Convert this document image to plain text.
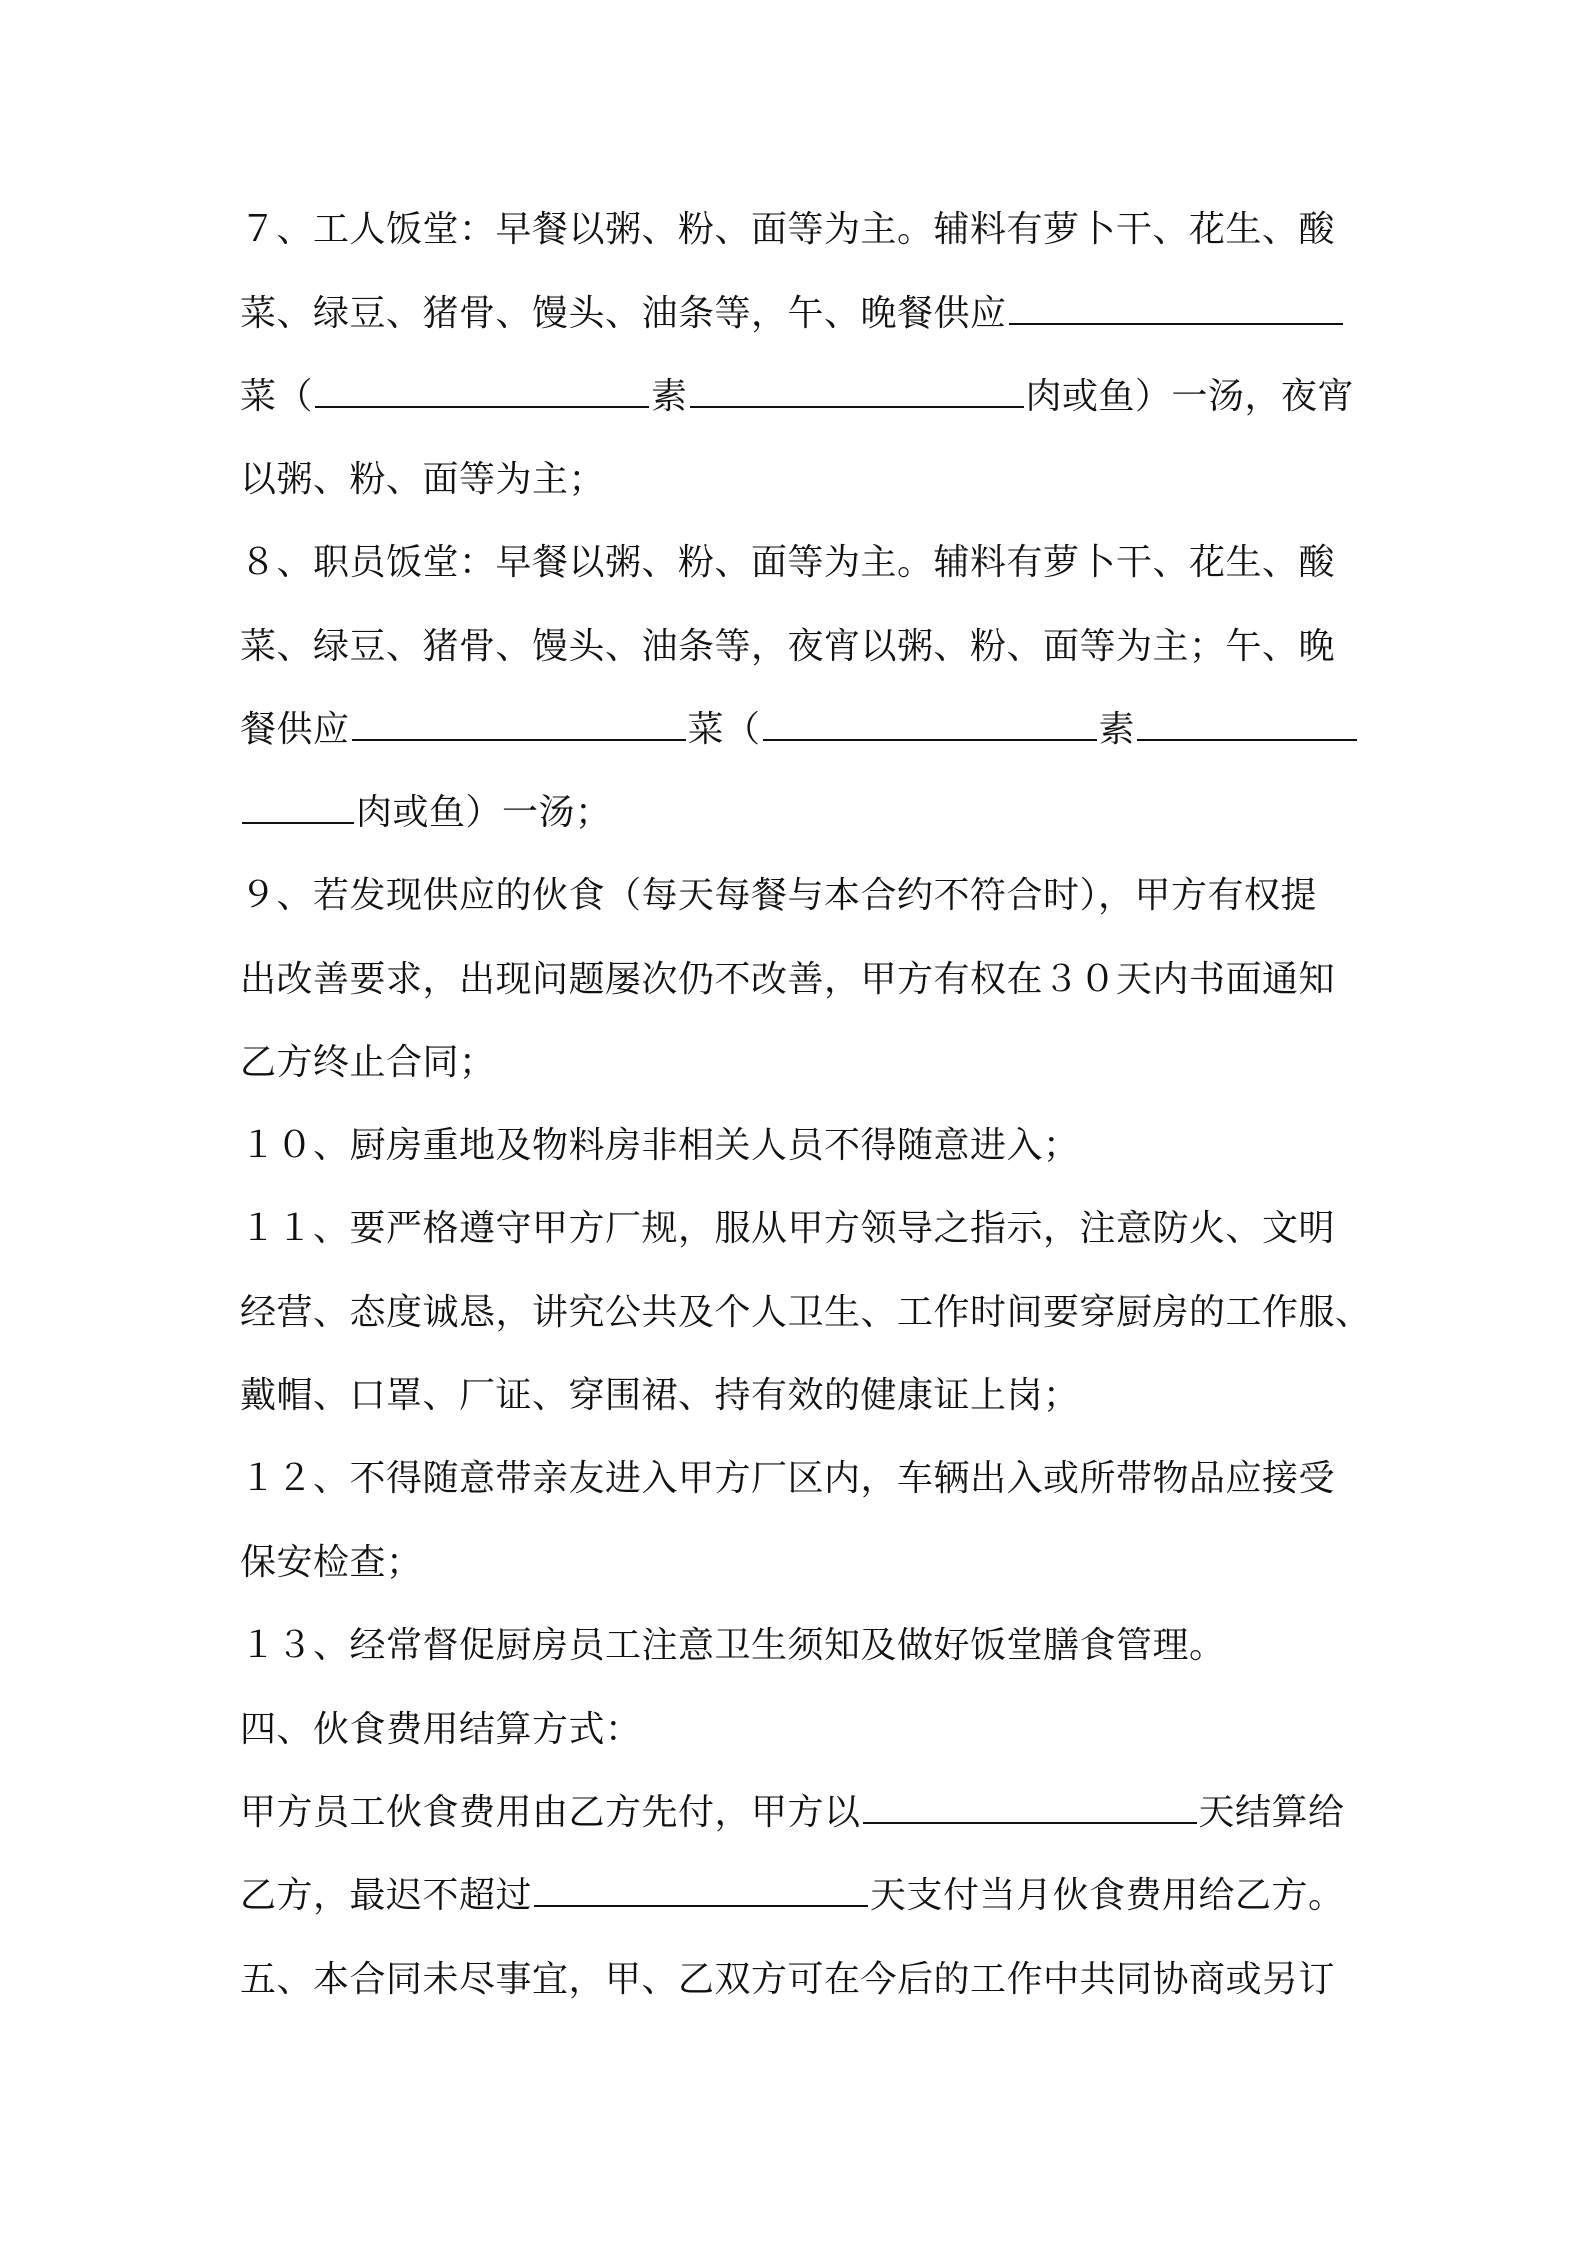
７、工人饭堂：早餐以粥、粉、面等为主。辅料有萝卜干、花生、酸
菜、绿豆、猪骨、馒头、油条等，午、晚餐供应
菜（	素	肉或鱼）一汤，夜宵
以粥、粉、面等为主；
８、职员饭堂：早餐以粥、粉、面等为主。辅料有萝卜干、花生、酸
菜、绿豆、猪骨、馒头、油条等，夜宵以粥、粉、面等为主；午、晚
餐供应	菜（	素
肉或鱼）一汤；
９、若发现供应的伙食（每天每餐与本合约不符合时），甲方有权提
出改善要求，出现问题屡次仍不改善，甲方有权在３０天内书面通知
乙方终止合同；
１０、厨房重地及物料房非相关人员不得随意进入；
１１、要严格遵守甲方厂规，服从甲方领导之指示，注意防火、文明
经营、态度诚恳，讲究公共及个人卫生、工作时间要穿厨房的工作服、
戴帽、口罩、厂证、穿围裙、持有效的健康证上岗；
１２、不得随意带亲友进入甲方厂区内，车辆出入或所带物品应接受
保安检查；
１３、经常督促厨房员工注意卫生须知及做好饭堂膳食管理。
四、伙食费用结算方式：
甲方员工伙食费用由乙方先付，甲方以	天结算给
乙方，最迟不超过	天支付当月伙食费用给乙方。
五、本合同未尽事宜，甲、乙双方可在今后的工作中共同协商或另订
